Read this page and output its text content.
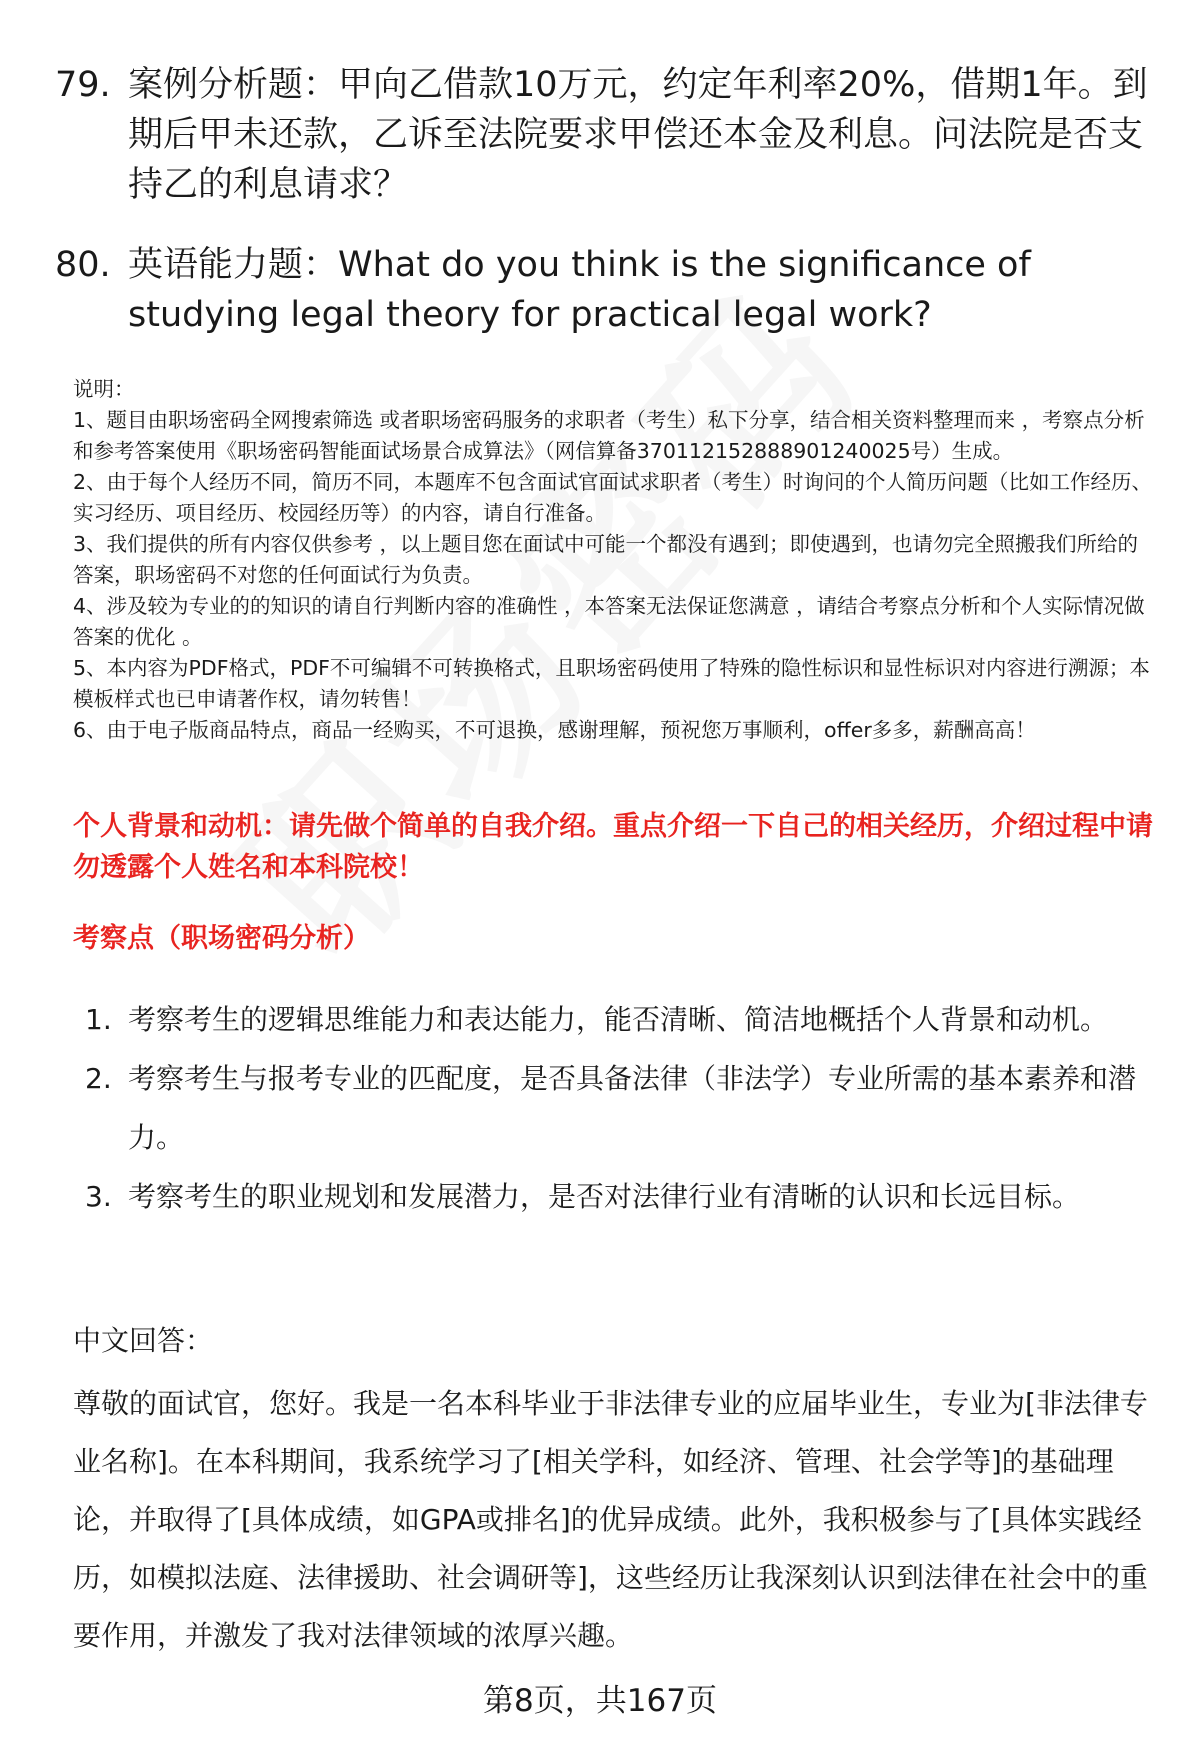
79. 案例分析题：甲向乙借款10万元，约定年利率20%，借期1年。到期后甲未还款，乙诉至法院要求甲偿还本金及利息。问法院是否支持乙的利息请求？
80. 英语能力题：What do you think is the significance of studying legal theory for practical legal work?

说明：

1、题目由职场密码全网搜索筛选 或者职场密码服务的求职者（考生）私下分享，结合相关资料整理而来 ，考察点分析和参考答案使用《职场密码智能面试场景合成算法》（网信算备370112152888901240025号）生成。

2、由于每个人经历不同，简历不同，本题库不包含面试官面试求职者（考生）时询问的个人简历问题（比如工作经历、实习经历、项目经历、校园经历等）的内容，请自行准备。

3、我们提供的所有内容仅供参考 ，以上题目您在面试中可能一个都没有遇到；即使遇到，也请勿完全照搬我们所给的答案，职场密码不对您的任何面试行为负责。

4、涉及较为专业的的知识的请自行判断内容的准确性 ，本答案无法保证您满意 ，请结合考察点分析和个人实际情况做答案的优化 。

5、本内容为PDF格式，PDF不可编辑不可转换格式，且职场密码使用了特殊的隐性标识和显性标识对内容进行溯源；本模板样式也已申请著作权，请勿转售！

6、由于电子版商品特点，商品一经购买，不可退换，感谢理解，预祝您万事顺利，offer多多，薪酬高高！

个人背景和动机：请先做个简单的自我介绍。重点介绍一下自己的相关经历，介绍过程中请勿透露个人姓名和本科院校！
考察点（职场密码分析）
1. 考察考生的逻辑思维能力和表达能力，能否清晰、简洁地概括个人背景和动机。
2. 考察考生与报考专业的匹配度，是否具备法律（非法学）专业所需的基本素养和潜力。
3. 考察考生的职业规划和发展潜力，是否对法律行业有清晰的认识和长远目标。
中文回答：
尊敬的面试官，您好。我是一名本科毕业于非法律专业的应届毕业生，专业为[非法律专业名称]。在本科期间，我系统学习了[相关学科，如经济、管理、社会学等]的基础理论，并取得了[具体成绩，如GPA或排名]的优异成绩。此外，我积极参与了[具体实践经历，如模拟法庭、法律援助、社会调研等]，这些经历让我深刻认识到法律在社会中的重要作用，并激发了我对法律领域的浓厚兴趣。
第8页，共167页
